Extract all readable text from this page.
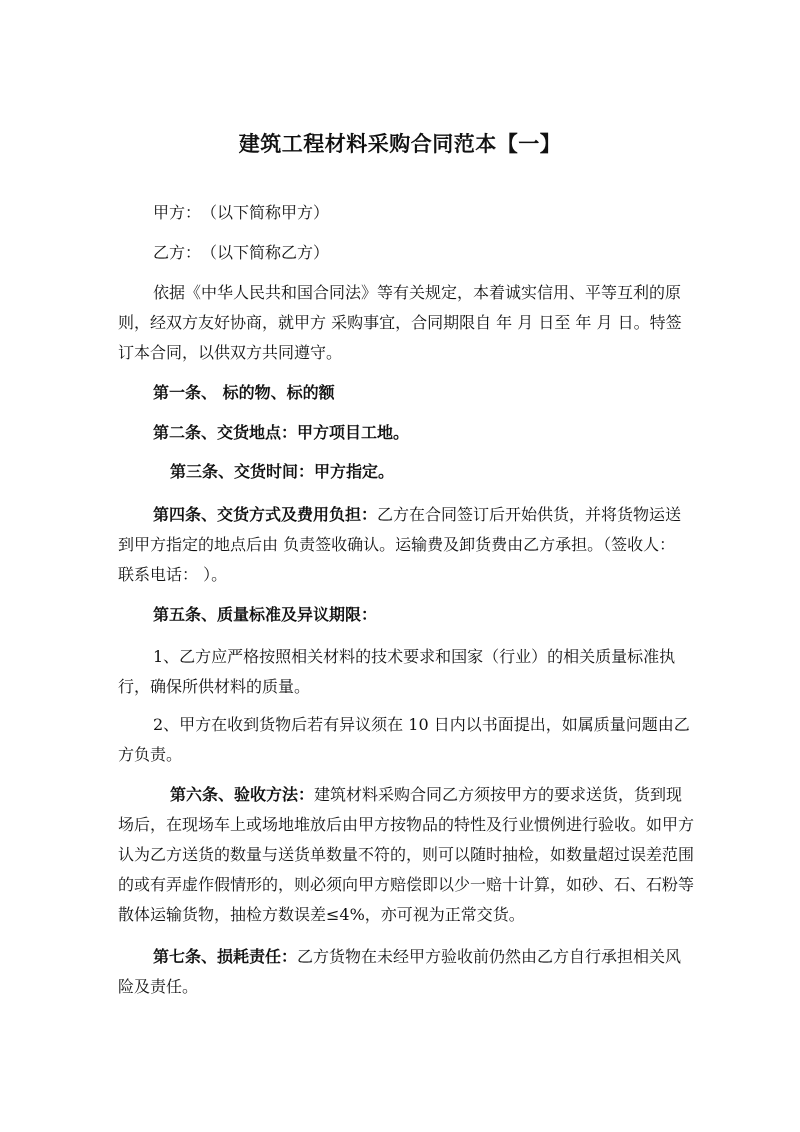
建筑工程材料采购合同范本【一】
甲方：　（以下简称甲方）
乙方：　（以下简称乙方）
依据《中华人民共和国合同法》等有关规定，本着诚实信用、平等互利的原则，经双方友好协商，就甲方 采购事宜，合同期限自 年 月 日至 年 月 日。特签订本合同，以供双方共同遵守。
第一条、 标的物、标的额
第二条、交货地点：甲方项目工地。
第三条、交货时间：甲方指定。
第四条、交货方式及费用负担：乙方在合同签订后开始供货，并将货物运送到甲方指定的地点后由 负责签收确认。运输费及卸货费由乙方承担。（签收人： 联系电话： ）。
第五条、质量标准及异议期限：
1、乙方应严格按照相关材料的技术要求和国家（行业）的相关质量标准执行，确保所供材料的质量。
2、甲方在收到货物后若有异议须在 10 日内以书面提出，如属质量问题由乙方负责。
第六条、验收方法：建筑材料采购合同乙方须按甲方的要求送货，货到现场后，在现场车上或场地堆放后由甲方按物品的特性及行业惯例进行验收。如甲方认为乙方送货的数量与送货单数量不符的，则可以随时抽检，如数量超过误差范围的或有弄虚作假情形的，则必须向甲方赔偿即以少一赔十计算，如砂、石、石粉等散体运输货物，抽检方数误差≤4%，亦可视为正常交货。
第七条、损耗责任：乙方货物在未经甲方验收前仍然由乙方自行承担相关风险及责任。
